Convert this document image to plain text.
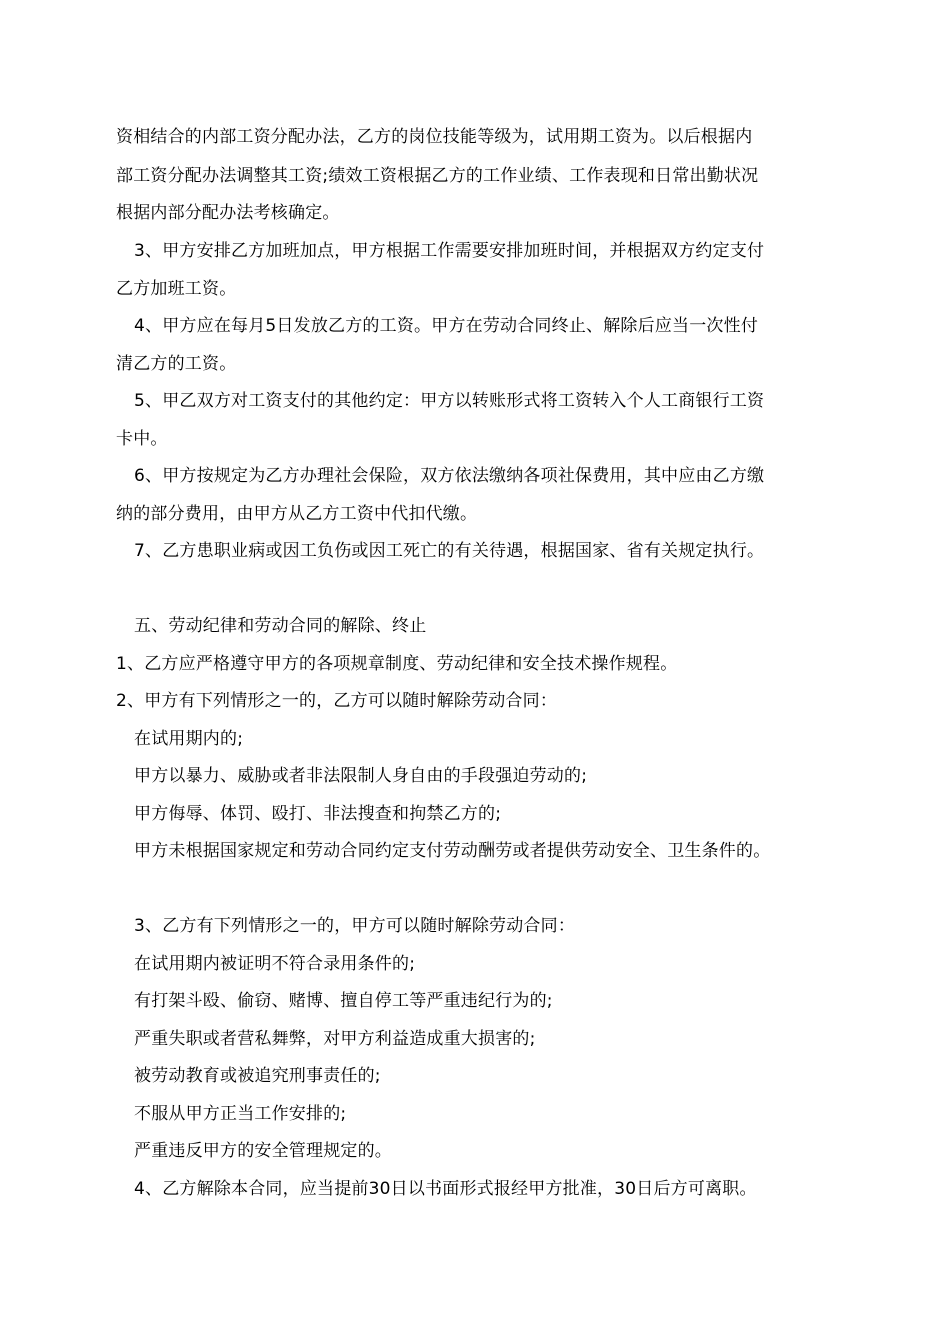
资相结合的内部工资分配办法，乙方的岗位技能等级为，试用期工资为。以后根据内
部工资分配办法调整其工资;绩效工资根据乙方的工作业绩、工作表现和日常出勤状况
根据内部分配办法考核确定。
3、甲方安排乙方加班加点，甲方根据工作需要安排加班时间，并根据双方约定支付
乙方加班工资。
4、甲方应在每月5日发放乙方的工资。甲方在劳动合同终止、解除后应当一次性付
清乙方的工资。
5、甲乙双方对工资支付的其他约定：甲方以转账形式将工资转入个人工商银行工资
卡中。
6、甲方按规定为乙方办理社会保险，双方依法缴纳各项社保费用，其中应由乙方缴
纳的部分费用，由甲方从乙方工资中代扣代缴。
7、乙方患职业病或因工负伤或因工死亡的有关待遇，根据国家、省有关规定执行。
五、劳动纪律和劳动合同的解除、终止
1、乙方应严格遵守甲方的各项规章制度、劳动纪律和安全技术操作规程。
2、甲方有下列情形之一的，乙方可以随时解除劳动合同：
在试用期内的;
甲方以暴力、威胁或者非法限制人身自由的手段强迫劳动的;
甲方侮辱、体罚、殴打、非法搜查和拘禁乙方的;
甲方未根据国家规定和劳动合同约定支付劳动酬劳或者提供劳动安全、卫生条件的。
3、乙方有下列情形之一的，甲方可以随时解除劳动合同：
在试用期内被证明不符合录用条件的;
有打架斗殴、偷窃、赌博、擅自停工等严重违纪行为的;
严重失职或者营私舞弊，对甲方利益造成重大损害的;
被劳动教育或被追究刑事责任的;
不服从甲方正当工作安排的;
严重违反甲方的安全管理规定的。
4、乙方解除本合同，应当提前30日以书面形式报经甲方批准，30日后方可离职。
